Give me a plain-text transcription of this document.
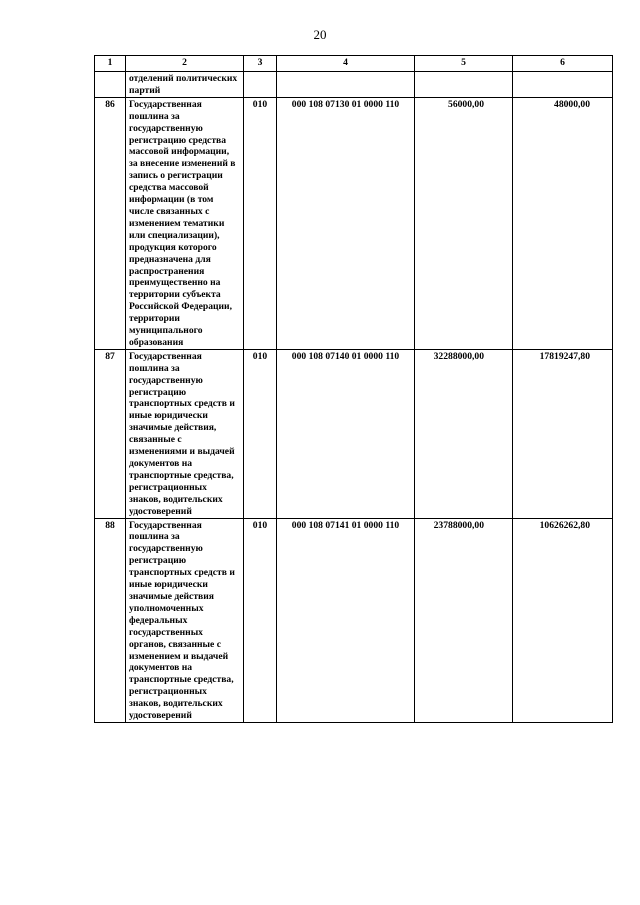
20
1	2	3	4	5	6
	отделений политических партий				
86	Государственная пошлина за государственную регистрацию средства массовой информации, за внесение изменений в запись о регистрации средства массовой информации (в том числе связанных с изменением тематики или специализации), продукция которого предназначена для распространения преимущественно на территории субъекта Российской Федерации, территории муниципального образования	010	000 108 07130 01 0000 110	56000,00	48000,00
87	Государственная пошлина за государственную регистрацию транспортных средств и иные юридически значимые действия, связанные с изменениями и выдачей документов на транспортные средства, регистрационных знаков, водительских удостоверений	010	000 108 07140 01 0000 110	32288000,00	17819247,80
88	Государственная пошлина за государственную регистрацию транспортных средств и иные юридически значимые действия уполномоченных федеральных государственных органов, связанные с изменением и выдачей документов на транспортные средства, регистрационных знаков, водительских удостоверений	010	000 108 07141 01 0000 110	23788000,00	10626262,80
